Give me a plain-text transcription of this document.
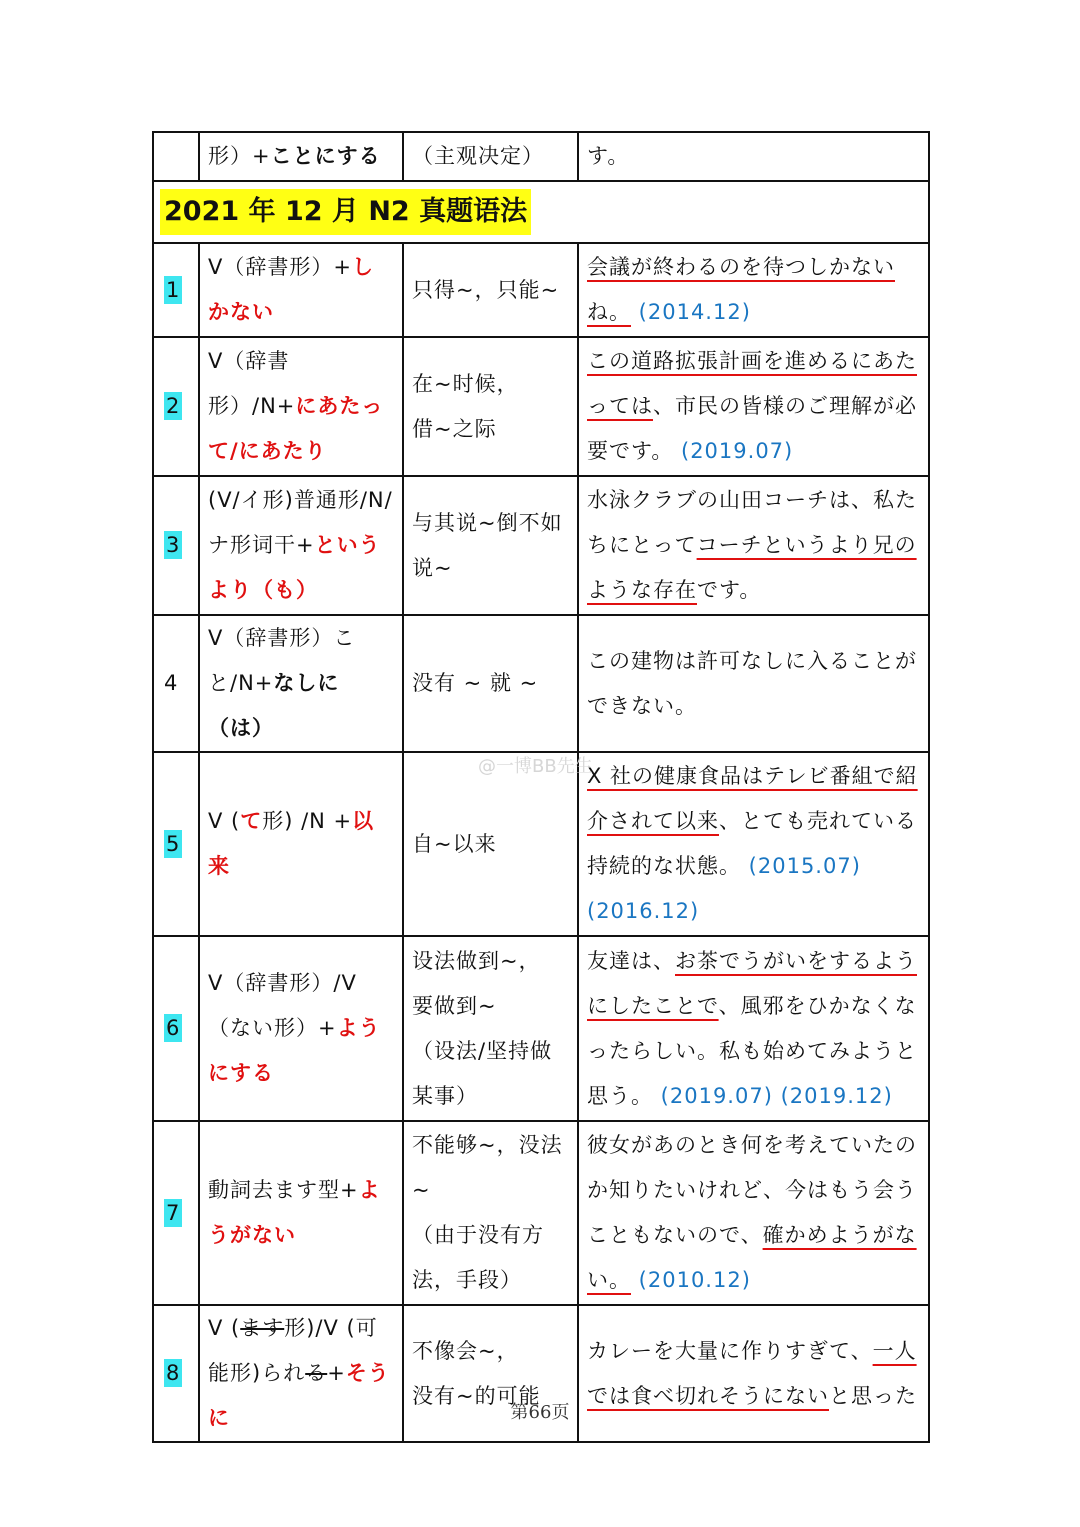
	形）+ことにする	（主观决定）	す。
2021 年 12 月 N2 真题语法			
1	V（辞書形）+しかない	只得~，只能~	会議が終わるのを待つしかないね。 (2014.12)
2	V（辞書形）/N+にあたって/にあたり	在~时候，
借~之际	この道路拡張計画を進めるにあたっては、市民の皆様のご理解が必要です。 (2019.07)
3	(V/イ形)普通形/N/ナ形词干+というより（も）	与其说~倒不如说~	水泳クラブの山田コーチは、私たちにとってコーチというより兄のような存在です。
4	V（辞書形）こと/N+なしに（は）	没有 ~ 就 ~	この建物は許可なしに入ることができない。
5	V (て形) /N +以来	自~以来	X 社の健康食品はテレビ番組で紹介されて以来、とても売れている持続的な状態。 (2015.07) (2016.12)
6	V（辞書形）/V（ない形）+ようにする	设法做到~，
要做到~
（设法/坚持做某事）	友達は、お茶でうがいをするようにしたことで、風邪をひかなくなったらしい。私も始めてみようと思う。 (2019.07) (2019.12)
7	動詞去ます型+ようがない	不能够~，没法~
（由于没有方法，手段）	彼女があのとき何を考えていたのか知りたいけれど、今はもう会うこともないので、確かめようがない。 (2010.12)
8	V (ます形)/V (可能形)られる+そうに	不像会~，
没有~的可能	カレーを大量に作りすぎて、一人では食べ切れそうにないと思った
@一博BB先生
第66页
